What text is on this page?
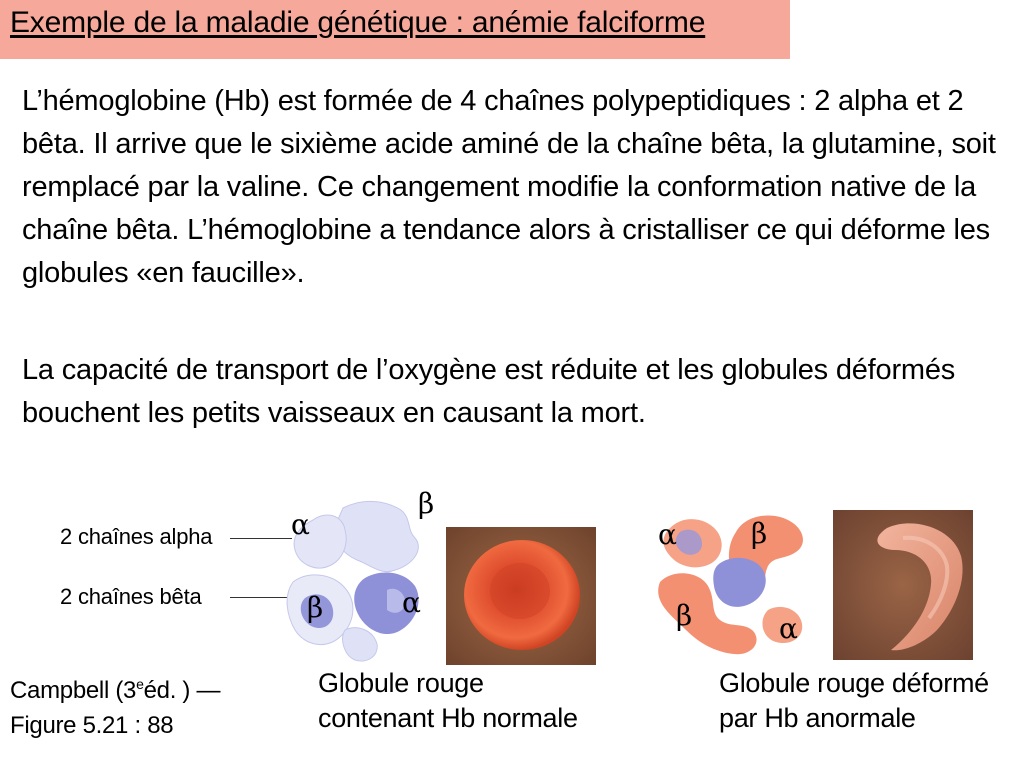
Exemple de la maladie génétique : anémie falciforme
L’hémoglobine (Hb) est formée de 4 chaînes polypeptidiques : 2 alpha et 2 bêta. Il arrive que le sixième acide aminé de la chaîne bêta, la glutamine, soit remplacé par la valine. Ce changement modifie la conformation native de la chaîne bêta. L’hémoglobine a tendance alors à cristalliser ce qui déforme les globules «en faucille».
La capacité de transport de l’oxygène est réduite et les globules déformés bouchent les petits vaisseaux en causant la mort.
2 chaînes alpha
2 chaînes bêta
α
β
β	α
α	β
β	α
Campbell (3eéd. ) —
Figure 5.21 : 88
Globule rouge
contenant Hb normale
Globule rouge déformé
par Hb anormale
